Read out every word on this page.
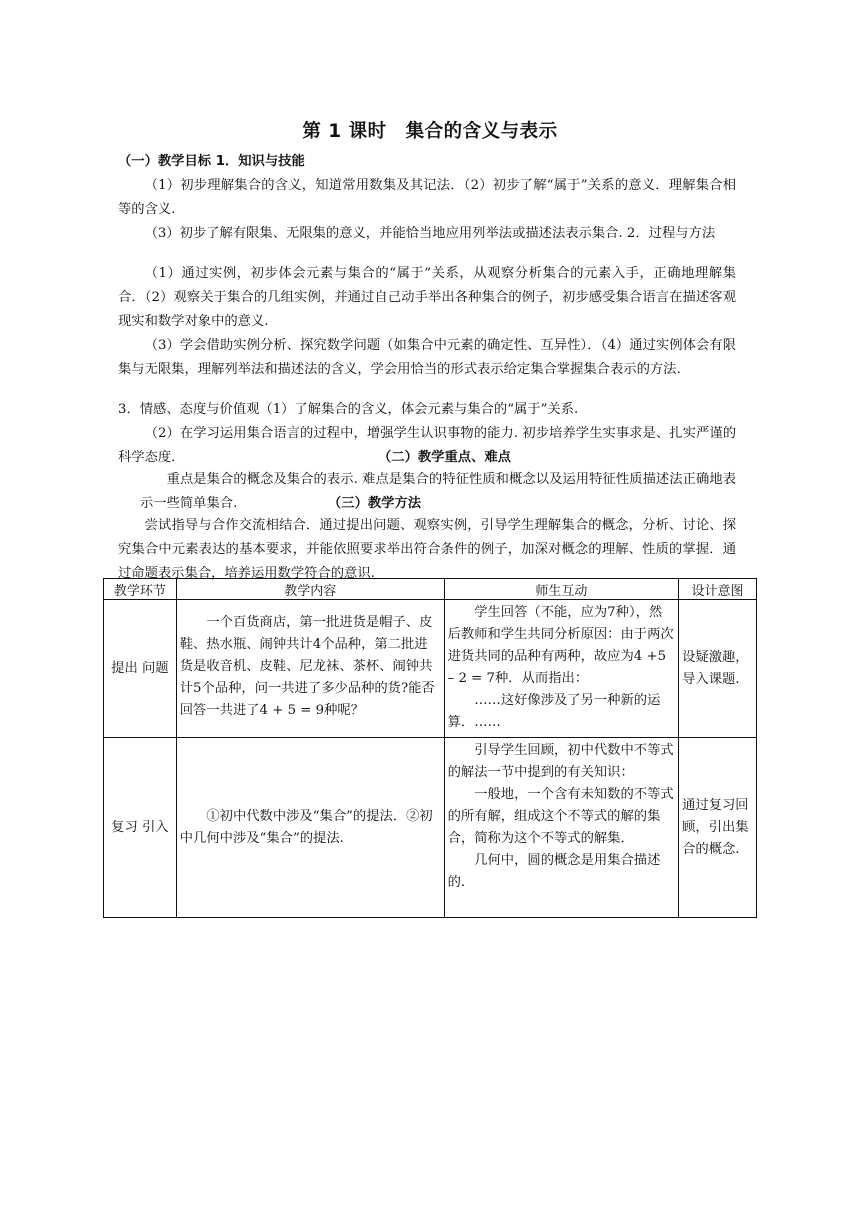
第 1 课时　集合的含义与表示

（一）教学目标 1．知识与技能

（1）初步理解集合的含义，知道常用数集及其记法．（2）初步了解“属于”关系的意义．理解集合相等的含义.

（3）初步了解有限集、无限集的意义，并能恰当地应用列举法或描述法表示集合. 2．过程与方法

（1）通过实例，初步体会元素与集合的“属于”关系，从观察分析集合的元素入手，正确地理解集合．（2）观察关于集合的几组实例，并通过自己动手举出各种集合的例子，初步感受集合语言在描述客观现实和数学对象中的意义.

（3）学会借助实例分析、探究数学问题（如集合中元素的确定性、互异性）．（4）通过实例体会有限集与无限集，理解列举法和描述法的含义，学会用恰当的形式表示给定集合掌握集合表示的方法.

3．情感、态度与价值观（1）了解集合的含义，体会元素与集合的“属于”关系.

（2）在学习运用集合语言的过程中，增强学生认识事物的能力. 初步培养学生实事求是、扎实严谨的科学态度．	（二）教学重点、难点

重点是集合的概念及集合的表示. 难点是集合的特征性质和概念以及运用特征性质描述法正确地表示一些简单集合.	（三）教学方法

尝试指导与合作交流相结合．通过提出问题、观察实例，引导学生理解集合的概念，分析、讨论、探究集合中元素表达的基本要求，并能依照要求举出符合条件的例子，加深对概念的理解、性质的掌握．通过命题表示集合，培养运用数学符合的意识.

教学环节	教学内容	师生互动	设计意图
提出 问题	一个百货商店，第一批进货是帽子、皮鞋、热水瓶、闹钟共计4个品种，第二批进货是收音机、皮鞋、尼龙袜、茶杯、闹钟共计5个品种，问一共进了多少品种的货?能否回答一共进了4 + 5 = 9种呢？	学生回答（不能，应为7种），然后教师和学生共同分析原因：由于两次进货共同的品种有两种，故应为4 +5 – 2 = 7种．从而指出：
……这好像涉及了另一种新的运算．……	设疑激趣，导入课题.
复习 引入	①初中代数中涉及“集合”的提法．②初中几何中涉及“集合”的提法.	引导学生回顾，初中代数中不等式的解法一节中提到的有关知识：
一般地，一个含有未知数的不等式的所有解，组成这个不等式的解的集合，简称为这个不等式的解集．
几何中，圆的概念是用集合描述的.	通过复习回顾，引出集合的概念.
